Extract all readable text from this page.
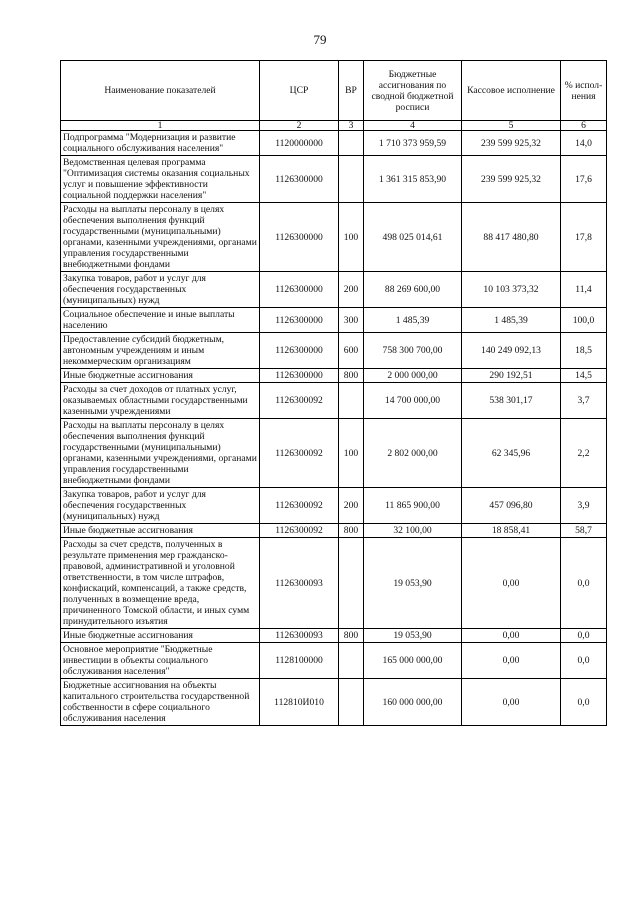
79
Наименование показателей	ЦСР	ВР	Бюджетные ассигнования по сводной бюджетной росписи	Кассовое исполнение	% испол-нения
1	2	3	4	5	6
Подпрограмма "Модернизация и развитие социального обслуживания населения"	1120000000		1 710 373 959,59	239 599 925,32	14,0
Ведомственная целевая программа "Оптимизация системы оказания социальных услуг и повышение эффективности социальной поддержки населения"	1126300000		1 361 315 853,90	239 599 925,32	17,6
Расходы на выплаты персоналу в целях обеспечения выполнения функций государственными (муниципальными) органами, казенными учреждениями, органами управления государственными внебюджетными фондами	1126300000	100	498 025 014,61	88 417 480,80	17,8
Закупка товаров, работ и услуг для обеспечения государственных (муниципальных) нужд	1126300000	200	88 269 600,00	10 103 373,32	11,4
Социальное обеспечение и иные выплаты населению	1126300000	300	1 485,39	1 485,39	100,0
Предоставление субсидий бюджетным, автономным учреждениям и иным некоммерческим организациям	1126300000	600	758 300 700,00	140 249 092,13	18,5
Иные бюджетные ассигнования	1126300000	800	2 000 000,00	290 192,51	14,5
Расходы за счет доходов от платных услуг, оказываемых областными государственными казенными учреждениями	1126300092		14 700 000,00	538 301,17	3,7
Расходы на выплаты персоналу в целях обеспечения выполнения функций государственными (муниципальными) органами, казенными учреждениями, органами управления государственными внебюджетными фондами	1126300092	100	2 802 000,00	62 345,96	2,2
Закупка товаров, работ и услуг для обеспечения государственных (муниципальных) нужд	1126300092	200	11 865 900,00	457 096,80	3,9
Иные бюджетные ассигнования	1126300092	800	32 100,00	18 858,41	58,7
Расходы за счет средств, полученных в результате применения мер гражданско-правовой, административной и уголовной ответственности, в том числе штрафов, конфискаций, компенсаций, а также средств, полученных в возмещение вреда, причиненного Томской области, и иных сумм принудительного изъятия	1126300093		19 053,90	0,00	0,0
Иные бюджетные ассигнования	1126300093	800	19 053,90	0,00	0,0
Основное мероприятие "Бюджетные инвестиции в объекты социального обслуживания населения"	1128100000		165 000 000,00	0,00	0,0
Бюджетные ассигнования на объекты капитального строительства государственной собственности в сфере социального обслуживания населения	112810И010		160 000 000,00	0,00	0,0
